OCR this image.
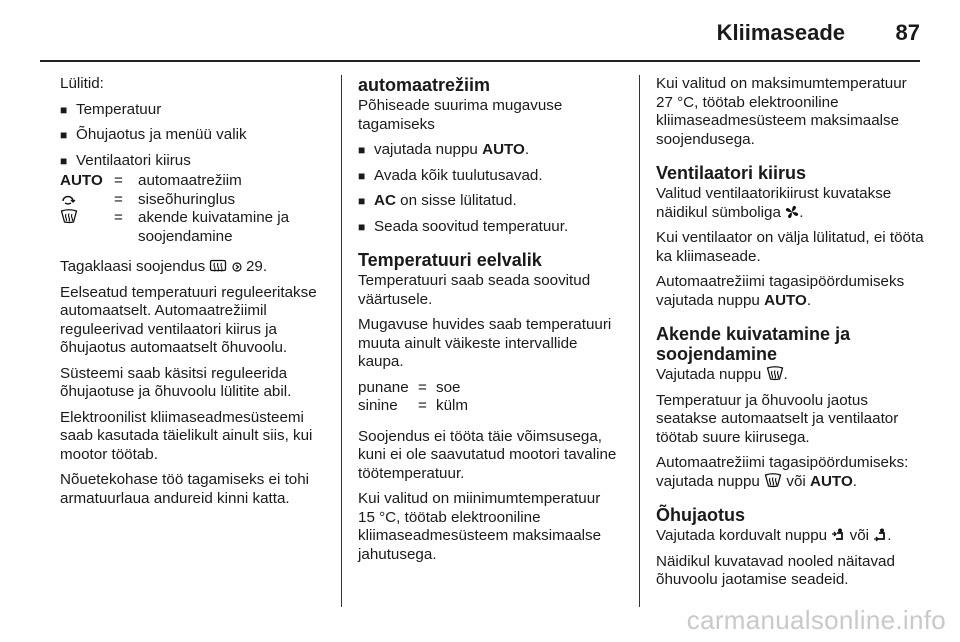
Kliimaseade 87

Lülitid:

■ Temperatuur
■ Õhujaotus ja menüü valik
■ Ventilaatori kiirus
AUTO	=	automaatrežiim
	=	siseõhuringlus
	=	akende kuivatamine ja soojendamine

Tagaklaasi soojendus	29.

Eelseatud temperatuuri reguleeritakse automaatselt. Automaatrežiimil reguleerivad ventilaatori kiirus ja õhujaotus automaatselt õhuvoolu.

Süsteemi saab käsitsi reguleerida õhujaotuse ja õhuvoolu lülitite abil.

Elektroonilist kliimaseadmesüsteemi saab kasutada täielikult ainult siis, kui mootor töötab.

Nõuetekohase töö tagamiseks ei tohi armatuurlaua andureid kinni katta.

automaatrežiim

Põhiseade suurima mugavuse tagamiseks

■ vajutada nuppu AUTO.
■ Avada kõik tuulutusavad.
■ AC on sisse lülitatud.
■ Seada soovitud temperatuur.
Temperatuuri eelvalik

Temperatuuri saab seada soovitud väärtusele.

Mugavuse huvides saab temperatuuri muuta ainult väikeste intervallide kaupa.

punane	=	soe
sinine	=	külm

Soojendus ei tööta täie võimsusega, kuni ei ole saavutatud mootori tavaline töötemperatuur.

Kui valitud on miinimumtemperatuur 15 °C, töötab elektrooniline kliimaseadmesüsteem maksimaalse jahutusega.

Kui valitud on maksimumtemperatuur 27 °C, töötab elektrooniline kliimaseadmesüsteem maksimaalse soojendusega.

Ventilaatori kiirus

Valitud ventilaatorikiirust kuvatakse näidikul sümboliga .

Kui ventilaator on välja lülitatud, ei tööta ka kliimaseade.

Automaatrežiimi tagasipöördumiseks vajutada nuppu AUTO.

Akende kuivatamine ja soojendamine

Vajutada nuppu .

Temperatuur ja õhuvoolu jaotus seatakse automaatselt ja ventilaator töötab suure kiirusega.

Automaatrežiimi tagasipöördumiseks: vajutada nuppu või AUTO.

Õhujaotus

Vajutada korduvalt nuppu või .

Näidikul kuvatavad nooled näitavad õhuvoolu jaotamise seadeid.

carmanualsonline.info
